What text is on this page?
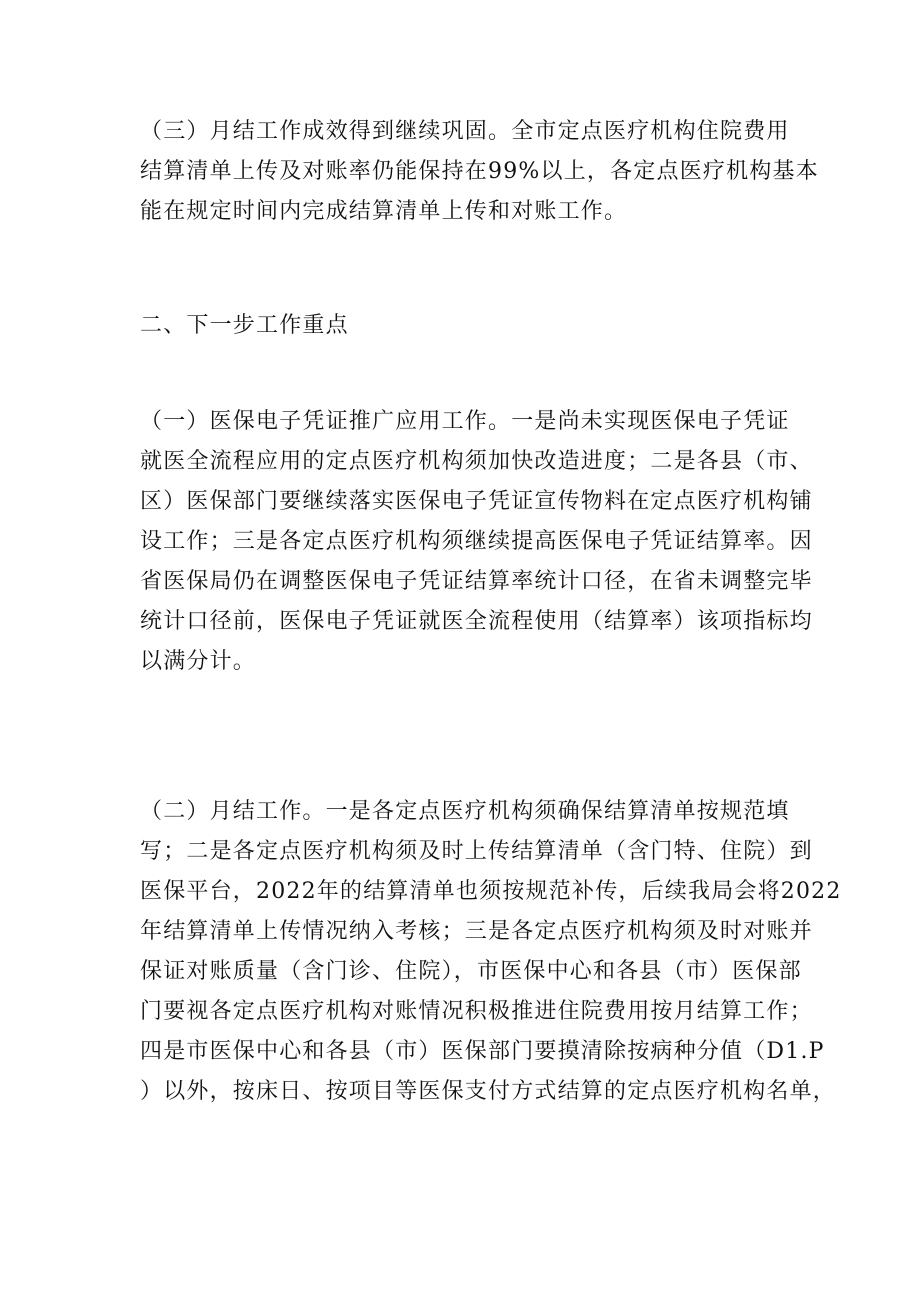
（三）月结工作成效得到继续巩固。全市定点医疗机构住院费用
结算清单上传及对账率仍能保持在99%以上，各定点医疗机构基本
能在规定时间内完成结算清单上传和对账工作。
二、下一步工作重点
（一）医保电子凭证推广应用工作。一是尚未实现医保电子凭证
就医全流程应用的定点医疗机构须加快改造进度；二是各县（市、
区）医保部门要继续落实医保电子凭证宣传物料在定点医疗机构铺
设工作；三是各定点医疗机构须继续提高医保电子凭证结算率。因
省医保局仍在调整医保电子凭证结算率统计口径，在省未调整完毕
统计口径前，医保电子凭证就医全流程使用（结算率）该项指标均
以满分计。
（二）月结工作。一是各定点医疗机构须确保结算清单按规范填
写；二是各定点医疗机构须及时上传结算清单（含门特、住院）到
医保平台，2022年的结算清单也须按规范补传，后续我局会将2022
年结算清单上传情况纳入考核；三是各定点医疗机构须及时对账并
保证对账质量（含门诊、住院），市医保中心和各县（市）医保部
门要视各定点医疗机构对账情况积极推进住院费用按月结算工作；
四是市医保中心和各县（市）医保部门要摸清除按病种分值（D1.P
）以外，按床日、按项目等医保支付方式结算的定点医疗机构名单，
